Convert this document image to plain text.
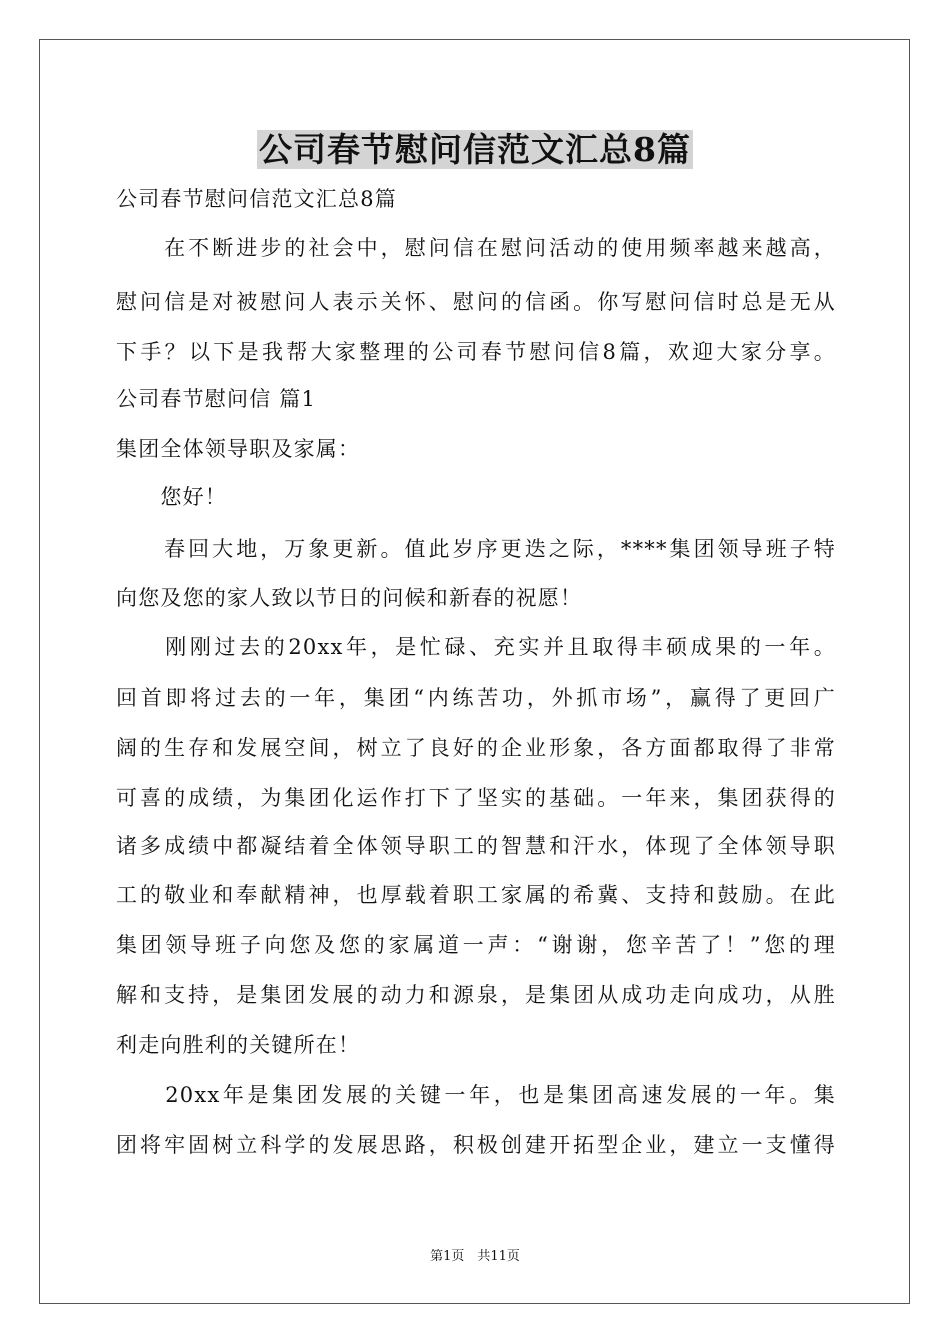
公司春节慰问信范文汇总8篇
公司春节慰问信范文汇总8篇
　　在不断进步的社会中，慰问信在慰问活动的使用频率越来越高，
慰问信是对被慰问人表示关怀、慰问的信函。你写慰问信时总是无从
下手？以下是我帮大家整理的公司春节慰问信8篇，欢迎大家分享。
公司春节慰问信 篇1
集团全体领导职及家属：
　　您好！
　　春回大地，万象更新。值此岁序更迭之际，****集团领导班子特
向您及您的家人致以节日的问候和新春的祝愿！
　　刚刚过去的20xx年，是忙碌、充实并且取得丰硕成果的一年。
回首即将过去的一年，集团“内练苦功，外抓市场”，赢得了更回广
阔的生存和发展空间，树立了良好的企业形象，各方面都取得了非常
可喜的成绩，为集团化运作打下了坚实的基础。一年来，集团获得的
诸多成绩中都凝结着全体领导职工的智慧和汗水，体现了全体领导职
工的敬业和奉献精神，也厚载着职工家属的希冀、支持和鼓励。在此
集团领导班子向您及您的家属道一声：“谢谢，您辛苦了！”您的理
解和支持，是集团发展的动力和源泉，是集团从成功走向成功，从胜
利走向胜利的关键所在！
　　20xx年是集团发展的关键一年，也是集团高速发展的一年。集
团将牢固树立科学的发展思路，积极创建开拓型企业，建立一支懂得
第1页　共11页
